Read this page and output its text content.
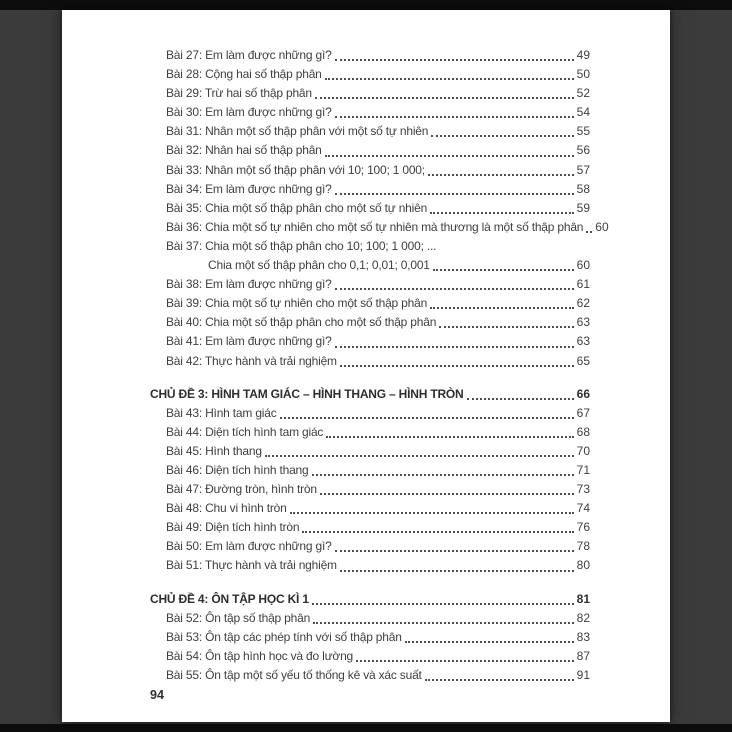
Bài 27: Em làm được những gì?	49
Bài 28: Cộng hai số thập phân	50
Bài 29: Trừ hai số thập phân	52
Bài 30: Em làm được những gì?	54
Bài 31: Nhân một số thập phân với một số tự nhiên	55
Bài 32: Nhân hai số thập phân	56
Bài 33: Nhân một số thập phân với 10; 100; 1 000;	57
Bài 34: Em làm được những gì?	58
Bài 35: Chia một số thập phân cho một số tự nhiên	59
Bài 36: Chia một số tự nhiên cho một số tự nhiên mà thương là một số thập phân 60
Bài 37: Chia một số thập phân cho 10; 100; 1 000; ...
Chia một số thập phân cho 0,1; 0,01; 0,001	60
Bài 38: Em làm được những gì?	61
Bài 39: Chia một số tự nhiên cho một số thập phân	62
Bài 40: Chia một số thập phân cho một số thập phân	63
Bài 41: Em làm được những gì?	63
Bài 42: Thực hành và trải nghiệm	65
CHỦ ĐỀ 3: HÌNH TAM GIÁC – HÌNH THANG – HÌNH TRÒN	66
Bài 43: Hình tam giác	67
Bài 44: Diện tích hình tam giác	68
Bài 45: Hình thang	70
Bài 46: Diện tích hình thang	71
Bài 47: Đường tròn, hình tròn	73
Bài 48: Chu vi hình tròn	74
Bài 49: Diện tích hình tròn	76
Bài 50: Em làm được những gì?	78
Bài 51: Thực hành và trải nghiệm	80
CHỦ ĐỀ 4: ÔN TẬP HỌC KÌ 1	81
Bài 52: Ôn tập số thập phân	82
Bài 53: Ôn tập các phép tính với số thập phân	83
Bài 54: Ôn tập hình học và đo lường	87
Bài 55: Ôn tập một số yếu tố thống kê và xác suất	91
94
